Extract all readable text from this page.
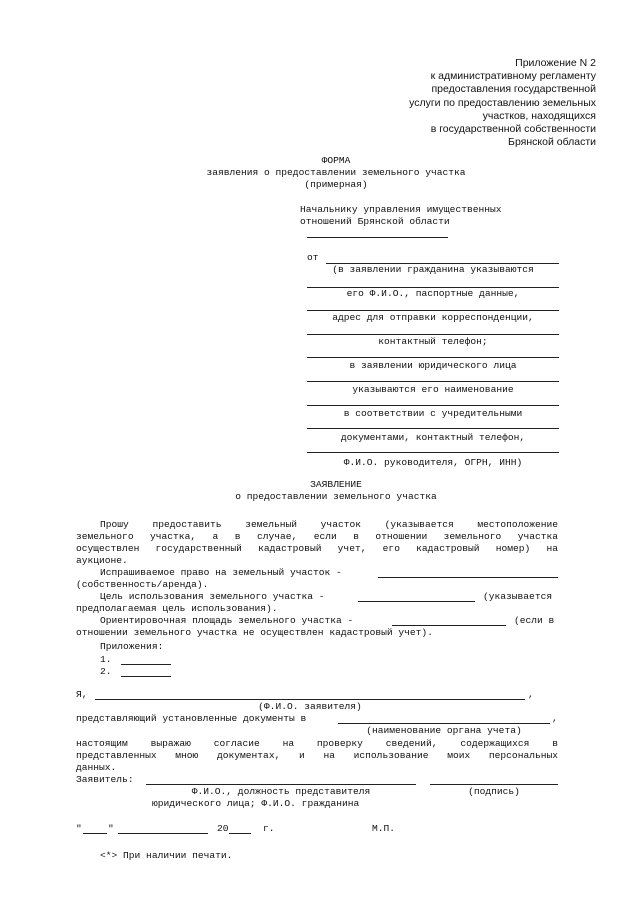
Приложение N 2
к административному регламенту
предоставления государственной
услуги по предоставлению земельных
участков, находящихся
в государственной собственности
Брянской области
ФОРМА
заявления о предоставлении земельного участка
(примерная)
Начальнику управления имущественных
отношений Брянской области
от
(в заявлении гражданина указываются
его Ф.И.О., паспортные данные,
адрес для отправки корреспонденции,
контактный телефон;
в заявлении юридического лица
указываются его наименование
в соответствии с учредительными
документами, контактный телефон,
Ф.И.О. руководителя, ОГРН, ИНН)
ЗАЯВЛЕНИЕ
о предоставлении земельного участка
Прошу предоставить земельный участок (указывается местоположение
земельного участка, а в случае, если в отношении земельного участка
осуществлен государственный кадастровый учет, его кадастровый номер) на
аукционе.
Испрашиваемое право на земельный участок -
(собственность/аренда).
Цель использования земельного участка -	(указывается
предполагаемая цель использования).
Ориентировочная площадь земельного участка -	(если в
отношении земельного участка не осуществлен кадастровый учет).
Приложения:
1.
2.
Я,	,
(Ф.И.О. заявителя)
представляющий установленные документы в	,
(наименование органа учета)
настоящим выражаю согласие на проверку сведений, содержащихся в
представленных мною документах, и на использование моих персональных
данных.
Заявитель:
Ф.И.О., должность представителя
юридического лица; Ф.И.О. гражданина
(подпись)
"	"	20	г.	М.П.
<*> При наличии печати.
